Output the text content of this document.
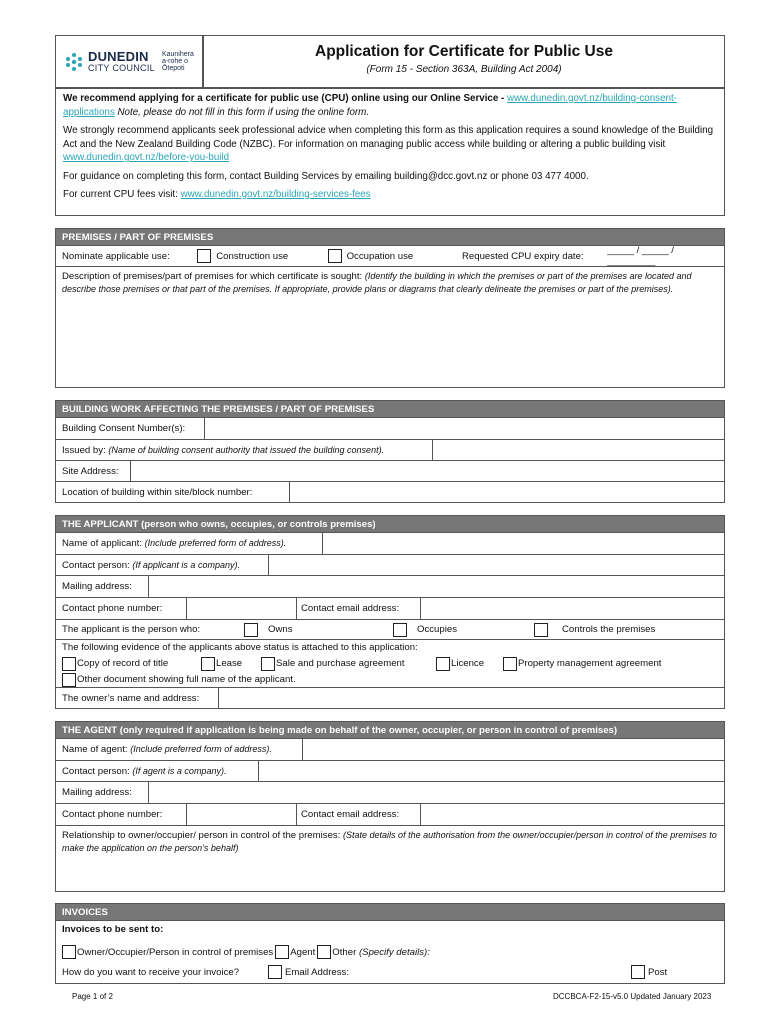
DUNEDIN
CITY COUNCIL
Kaunihera
a-rohe o
Ōtepoti
Application for Certificate for Public Use
(Form 15 - Section 363A, Building Act 2004)

We recommend applying for a certificate for public use (CPU) online using our Online Service - www.dunedin.govt.nz/building-consent-applications Note, please do not fill in this form if using the online form.

We strongly recommend applicants seek professional advice when completing this form as this application requires a sound knowledge of the Building Act and the New Zealand Building Code (NZBC). For information on managing public access while building or altering a public building visit www.dunedin.govt.nz/before-you-build

For guidance on completing this form, contact Building Services by emailing building@dcc.govt.nz or phone 03 477 4000.

For current CPU fees visit: www.dunedin.govt.nz/building-services-fees

PREMISES / PART OF PREMISES
Nominate applicable use:	Construction use	Occupation use	Requested CPU expiry date:	_____ / _____ / _________
Description of premises/part of premises for which certificate is sought: (Identify the building in which the premises or part of the premises are located and describe those premises or that part of the premises. If appropriate, provide plans or diagrams that clearly delineate the premises or part of the premises).
BUILDING WORK AFFECTING THE PREMISES / PART OF PREMISES
Building Consent Number(s):
Issued by: (Name of building consent authority that issued the building consent).
Site Address:
Location of building within site/block number:
THE APPLICANT (person who owns, occupies, or controls premises)
Name of applicant: (Include preferred form of address).
Contact person: (If applicant is a company).
Mailing address:
Contact phone number:	Contact email address:
The applicant is the person who:	Owns	Occupies	Controls the premises
The following evidence of the applicants above status is attached to this application:
Copy of record of title	Lease	Sale and purchase agreement	Licence	Property management agreement
Other document showing full name of the applicant.
The owner’s name and address:
THE AGENT (only required if application is being made on behalf of the owner, occupier, or person in control of premises)
Name of agent: (Include preferred form of address).
Contact person: (If agent is a company).
Mailing address:
Contact phone number:	Contact email address:
Relationship to owner/occupier/ person in control of the premises: (State details of the authorisation from the owner/occupier/person in control of the premises to make the application on the person’s behalf)
INVOICES
Invoices to be sent to:
Owner/Occupier/Person in control of premises Agent Other (Specify details):
How do you want to receive your invoice?	Email Address:	Post
Page 1 of 2	DCCBCA-F2-15-v5.0 Updated January 2023
